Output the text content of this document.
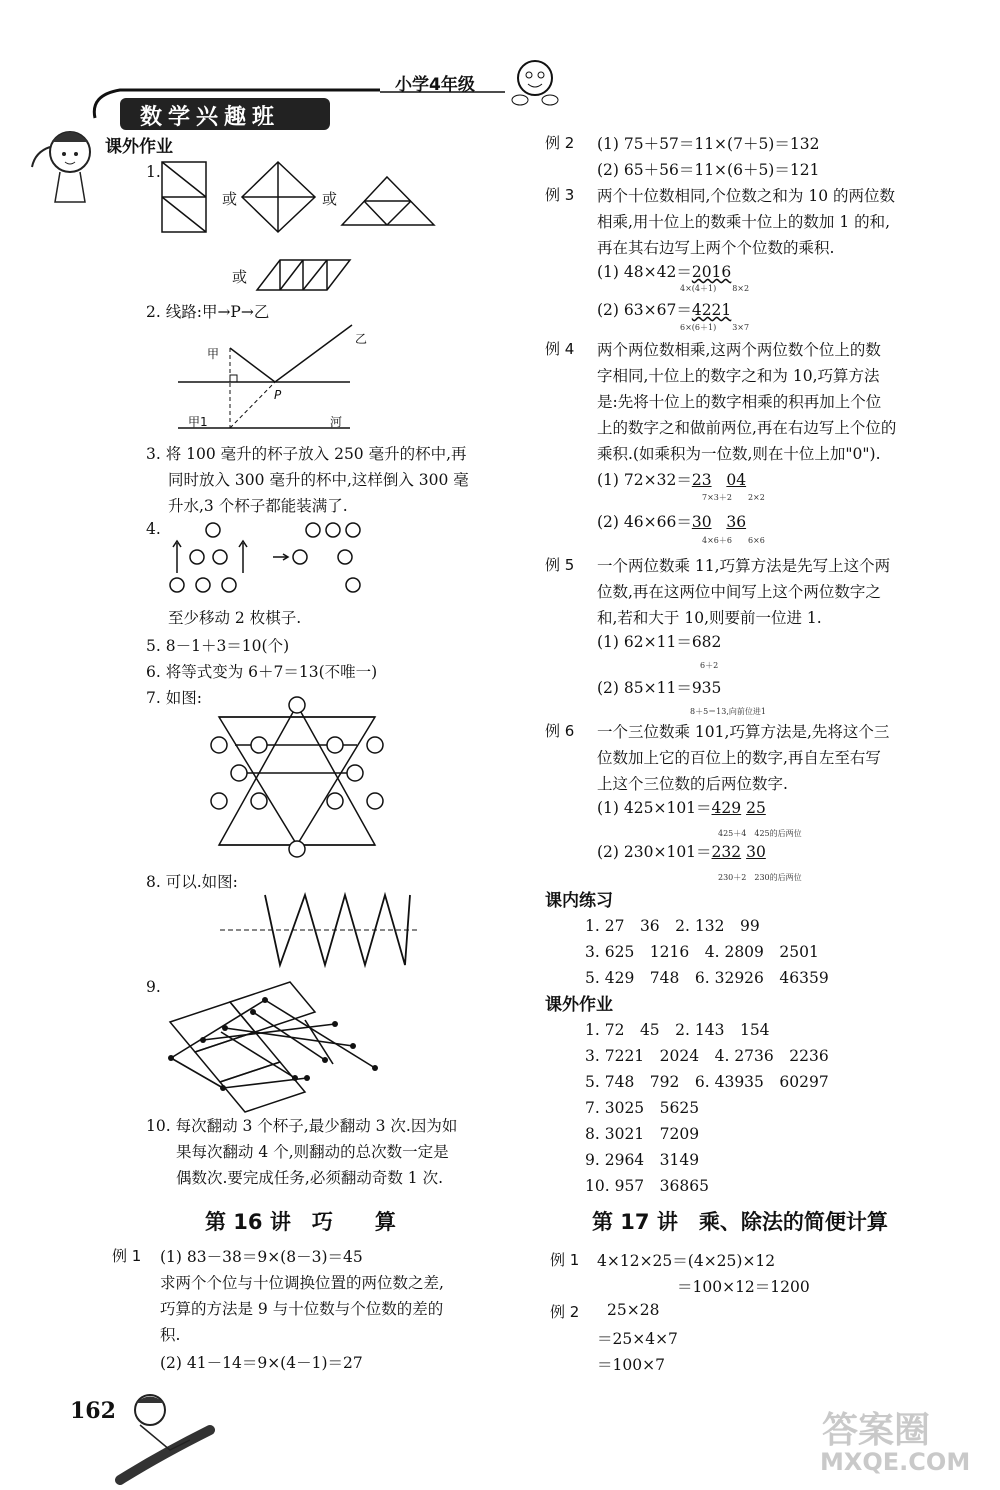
小学4年级
数学兴趣班
课外作业
1.
或	或
或
2. 线路:甲→P→乙
甲
乙
P
甲1	河
3. 将 100 毫升的杯子放入 250 毫升的杯中,再
同时放入 300 毫升的杯中,这样倒入 300 毫
升水,3 个杯子都能装满了.
4.
至少移动 2 枚棋子.
5. 8－1＋3＝10(个)
6. 将等式变为 6＋7＝13(不唯一)
7. 如图:
8. 可以.如图:
9.
10. 每次翻动 3 个杯子,最少翻动 3 次.因为如
果每次翻动 4 个,则翻动的总次数一定是
偶数次.要完成任务,必须翻动奇数 1 次.
第 16 讲　巧　　算
例 1 (1) 83－38＝9×(8－3)＝45
求两个个位与十位调换位置的两位数之差,
巧算的方法是 9 与十位数与个位数的差的
积.
(2) 41－14＝9×(4－1)＝27
162
例 2 (1) 75＋57＝11×(7＋5)＝132
(2) 65＋56＝11×(6＋5)＝121
例 3 两个十位数相同,个位数之和为 10 的两位数
相乘,用十位上的数乘十位上的数加 1 的和,
再在其右边写上两个个位数的乘积.
(1) 48×42＝2016
4×(4＋1)　　8×2
(2) 63×67＝4221
6×(6＋1)　　3×7
例 4 两个两位数相乘,这两个两位数个位上的数
字相同,十位上的数字之和为 10,巧算方法
是:先将十位上的数字相乘的积再加上个位
上的数字之和做前两位,再在右边写上个位的
乘积.(如乘积为一位数,则在十位上加"0").
(1) 72×32＝23 04
7×3＋2　　2×2
(2) 46×66＝30 36
4×6＋6　　6×6
例 5 一个两位数乘 11,巧算方法是先写上这个两
位数,再在这两位中间写上这个两位数字之
和,若和大于 10,则要前一位进 1.
(1) 62×11＝682
6＋2
(2) 85×11＝935
8＋5＝13,向前位进1
例 6 一个三位数乘 101,巧算方法是,先将这个三
位数加上它的百位上的数字,再自左至右写
上这个三位数的后两位数字.
(1) 425×101＝429 25
425＋4　425的后两位
(2) 230×101＝232 30
230＋2　230的后两位
课内练习
1. 27　36　2. 132　99
3. 625　1216　4. 2809　2501
5. 429　748　6. 32926　46359
课外作业
1. 72　45　2. 143　154
3. 7221　2024　4. 2736　2236
5. 748　792　6. 43935　60297
7. 3025　5625
8. 3021　7209
9. 2964　3149
10. 957　36865
第 17 讲　乘、除法的简便计算
例 1 4×12×25＝(4×25)×12
＝100×12＝1200
例 2 25×28
＝25×4×7
＝100×7
答案圈
MXQE.COM
